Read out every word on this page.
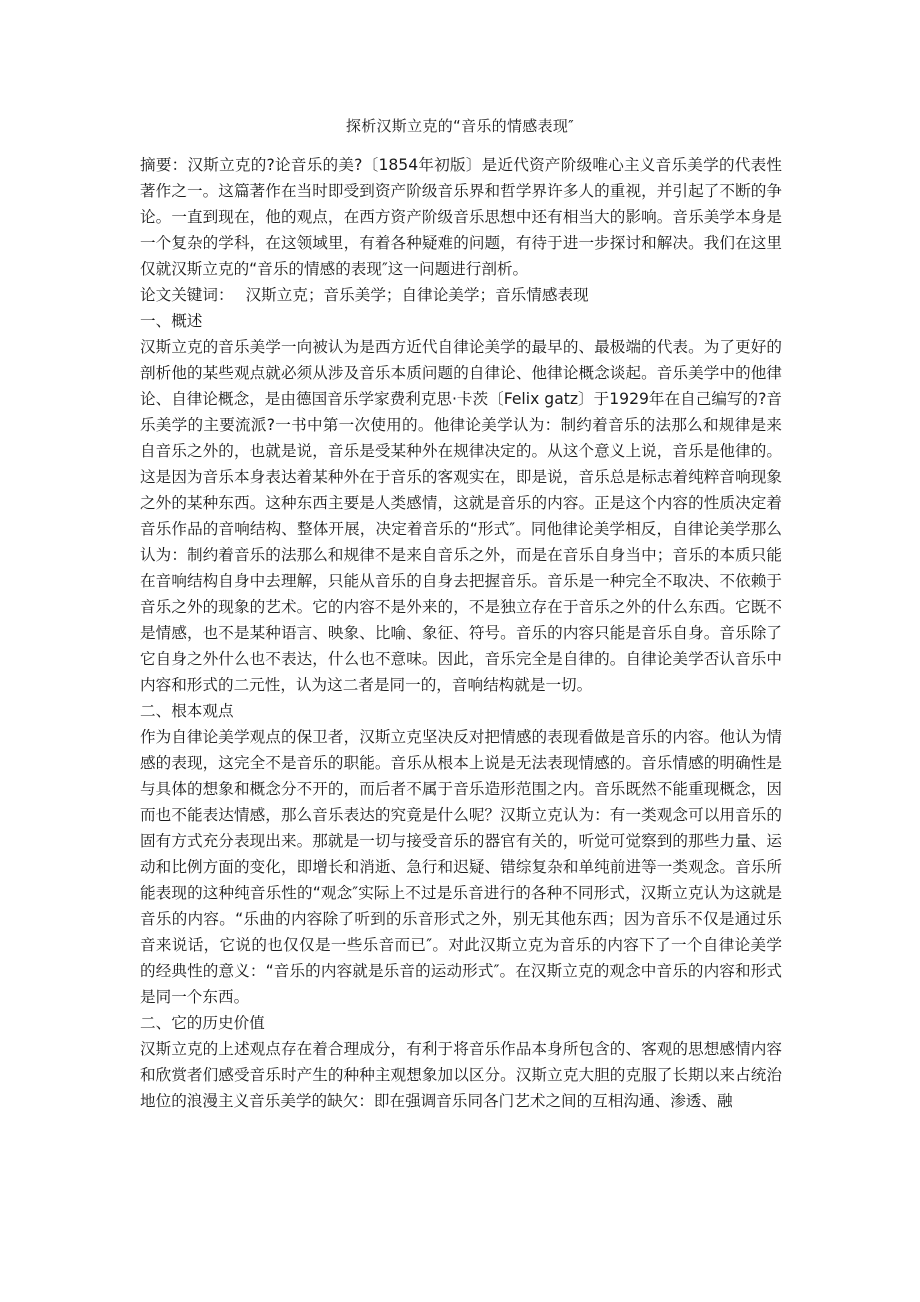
探析汉斯立克的“音乐的情感表现″

摘要：汉斯立克的?论音乐的美?〔1854年初版〕是近代资产阶级唯心主义音乐美学的代表性著作之一。这篇著作在当时即受到资产阶级音乐界和哲学界许多人的重视，并引起了不断的争论。一直到现在，他的观点，在西方资产阶级音乐思想中还有相当大的影响。音乐美学本身是一个复杂的学科，在这领域里，有着各种疑难的问题，有待于进一步探讨和解决。我们在这里仅就汉斯立克的“音乐的情感的表现″这一问题进行剖析。

论文关键词： 汉斯立克；音乐美学；自律论美学；音乐情感表现

一、概述

汉斯立克的音乐美学一向被认为是西方近代自律论美学的最早的、最极端的代表。为了更好的剖析他的某些观点就必须从涉及音乐本质问题的自律论、他律论概念谈起。音乐美学中的他律论、自律论概念，是由德国音乐学家费利克思·卡茨〔Felix gatz〕于1929年在自己编写的?音乐美学的主要流派?一书中第一次使用的。他律论美学认为：制约着音乐的法那么和规律是来自音乐之外的，也就是说，音乐是受某种外在规律决定的。从这个意义上说，音乐是他律的。这是因为音乐本身表达着某种外在于音乐的客观实在，即是说，音乐总是标志着纯粹音响现象之外的某种东西。这种东西主要是人类感情，这就是音乐的内容。正是这个内容的性质决定着音乐作品的音响结构、整体开展，决定着音乐的“形式″。同他律论美学相反，自律论美学那么认为：制约着音乐的法那么和规律不是来自音乐之外，而是在音乐自身当中；音乐的本质只能在音响结构自身中去理解，只能从音乐的自身去把握音乐。音乐是一种完全不取决、不依赖于音乐之外的现象的艺术。它的内容不是外来的，不是独立存在于音乐之外的什么东西。它既不是情感，也不是某种语言、映象、比喻、象征、符号。音乐的内容只能是音乐自身。音乐除了它自身之外什么也不表达，什么也不意味。因此，音乐完全是自律的。自律论美学否认音乐中内容和形式的二元性，认为这二者是同一的，音响结构就是一切。

二、根本观点

作为自律论美学观点的保卫者，汉斯立克坚决反对把情感的表现看做是音乐的内容。他认为情感的表现，这完全不是音乐的职能。音乐从根本上说是无法表现情感的。音乐情感的明确性是与具体的想象和概念分不开的，而后者不属于音乐造形范围之内。音乐既然不能重现概念，因而也不能表达情感，那么音乐表达的究竟是什么呢？汉斯立克认为：有一类观念可以用音乐的固有方式充分表现出来。那就是一切与接受音乐的器官有关的，听觉可觉察到的那些力量、运动和比例方面的变化，即增长和消逝、急行和迟疑、错综复杂和单纯前进等一类观念。音乐所能表现的这种纯音乐性的“观念″实际上不过是乐音进行的各种不同形式，汉斯立克认为这就是音乐的内容。“乐曲的内容除了听到的乐音形式之外，别无其他东西；因为音乐不仅是通过乐音来说话，它说的也仅仅是一些乐音而已″。对此汉斯立克为音乐的内容下了一个自律论美学的经典性的意义：“音乐的内容就是乐音的运动形式″。在汉斯立克的观念中音乐的内容和形式是同一个东西。

二、它的历史价值

汉斯立克的上述观点存在着合理成分，有利于将音乐作品本身所包含的、客观的思想感情内容和欣赏者们感受音乐时产生的种种主观想象加以区分。汉斯立克大胆的克服了长期以来占统治地位的浪漫主义音乐美学的缺欠：即在强调音乐同各门艺术之间的互相沟通、渗透、融
